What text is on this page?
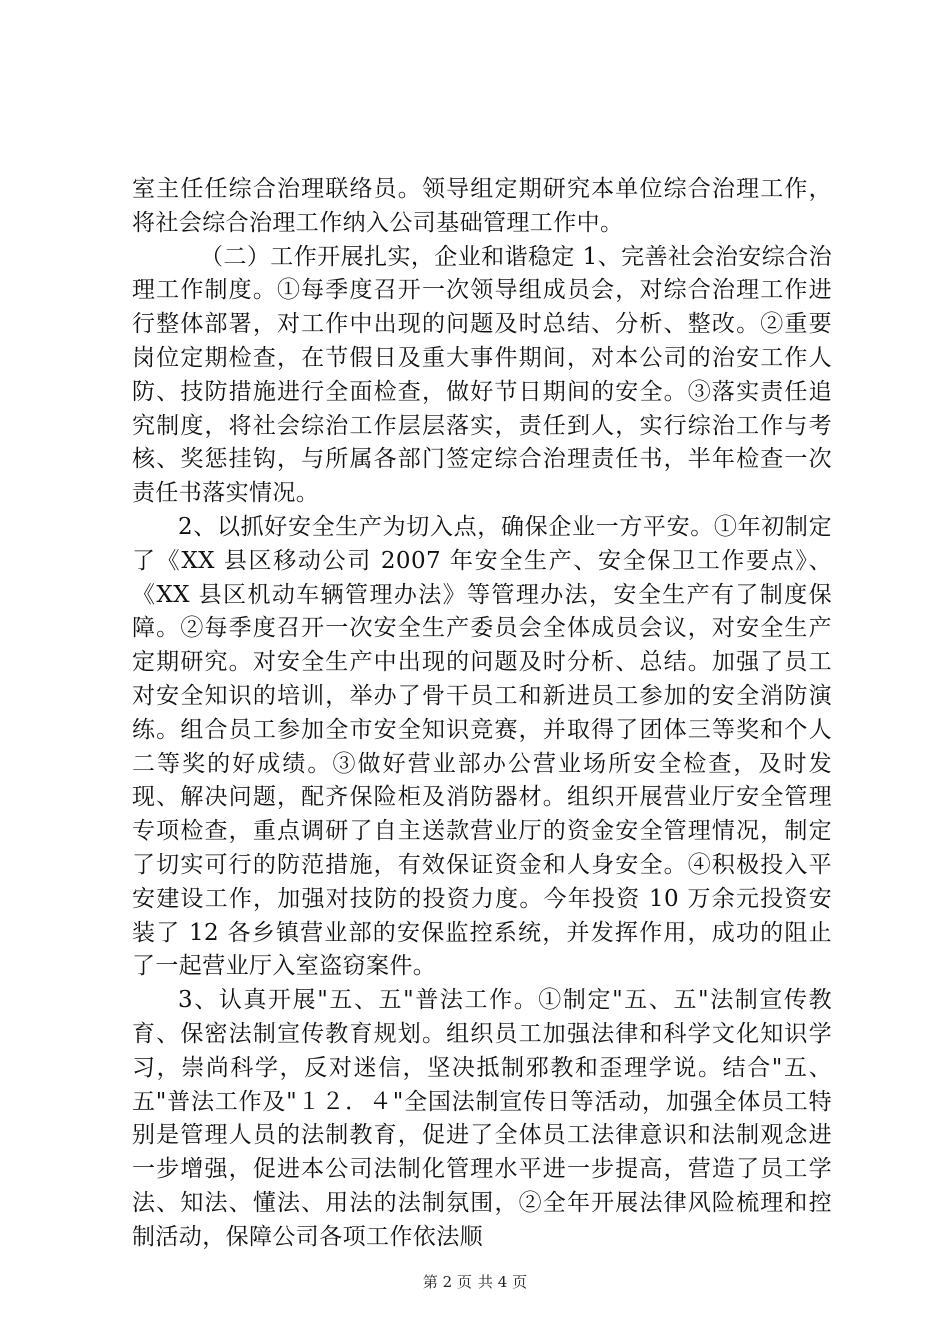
室主任任综合治理联络员。领导组定期研究本单位综合治理工作，将社会综合治理工作纳入公司基础管理工作中。

（二）工作开展扎实，企业和谐稳定 1、完善社会治安综合治理工作制度。①每季度召开一次领导组成员会，对综合治理工作进行整体部署，对工作中出现的问题及时总结、分析、整改。②重要岗位定期检查，在节假日及重大事件期间，对本公司的治安工作人防、技防措施进行全面检查，做好节日期间的安全。③落实责任追究制度，将社会综治工作层层落实，责任到人，实行综治工作与考核、奖惩挂钩，与所属各部门签定综合治理责任书，半年检查一次责任书落实情况。

2、以抓好安全生产为切入点，确保企业一方平安。①年初制定了《XX 县区移动公司 2007 年安全生产、安全保卫工作要点》、《XX 县区机动车辆管理办法》等管理办法，安全生产有了制度保障。②每季度召开一次安全生产委员会全体成员会议，对安全生产定期研究。对安全生产中出现的问题及时分析、总结。加强了员工对安全知识的培训，举办了骨干员工和新进员工参加的安全消防演练。组合员工参加全市安全知识竞赛，并取得了团体三等奖和个人二等奖的好成绩。③做好营业部办公营业场所安全检查，及时发现、解决问题，配齐保险柜及消防器材。组织开展营业厅安全管理专项检查，重点调研了自主送款营业厅的资金安全管理情况，制定了切实可行的防范措施，有效保证资金和人身安全。④积极投入平安建设工作，加强对技防的投资力度。今年投资 10 万余元投资安装了 12 各乡镇营业部的安保监控系统，并发挥作用，成功的阻止了一起营业厅入室盗窃案件。

3、认真开展"五、五"普法工作。①制定"五、五"法制宣传教育、保密法制宣传教育规划。组织员工加强法律和科学文化知识学习，崇尚科学，反对迷信，坚决抵制邪教和歪理学说。结合"五、五"普法工作及"１２．４"全国法制宣传日等活动，加强全体员工特别是管理人员的法制教育，促进了全体员工法律意识和法制观念进一步增强，促进本公司法制化管理水平进一步提高，营造了员工学法、知法、懂法、用法的法制氛围，②全年开展法律风险梳理和控制活动，保障公司各项工作依法顺

第 2 页 共 4 页
